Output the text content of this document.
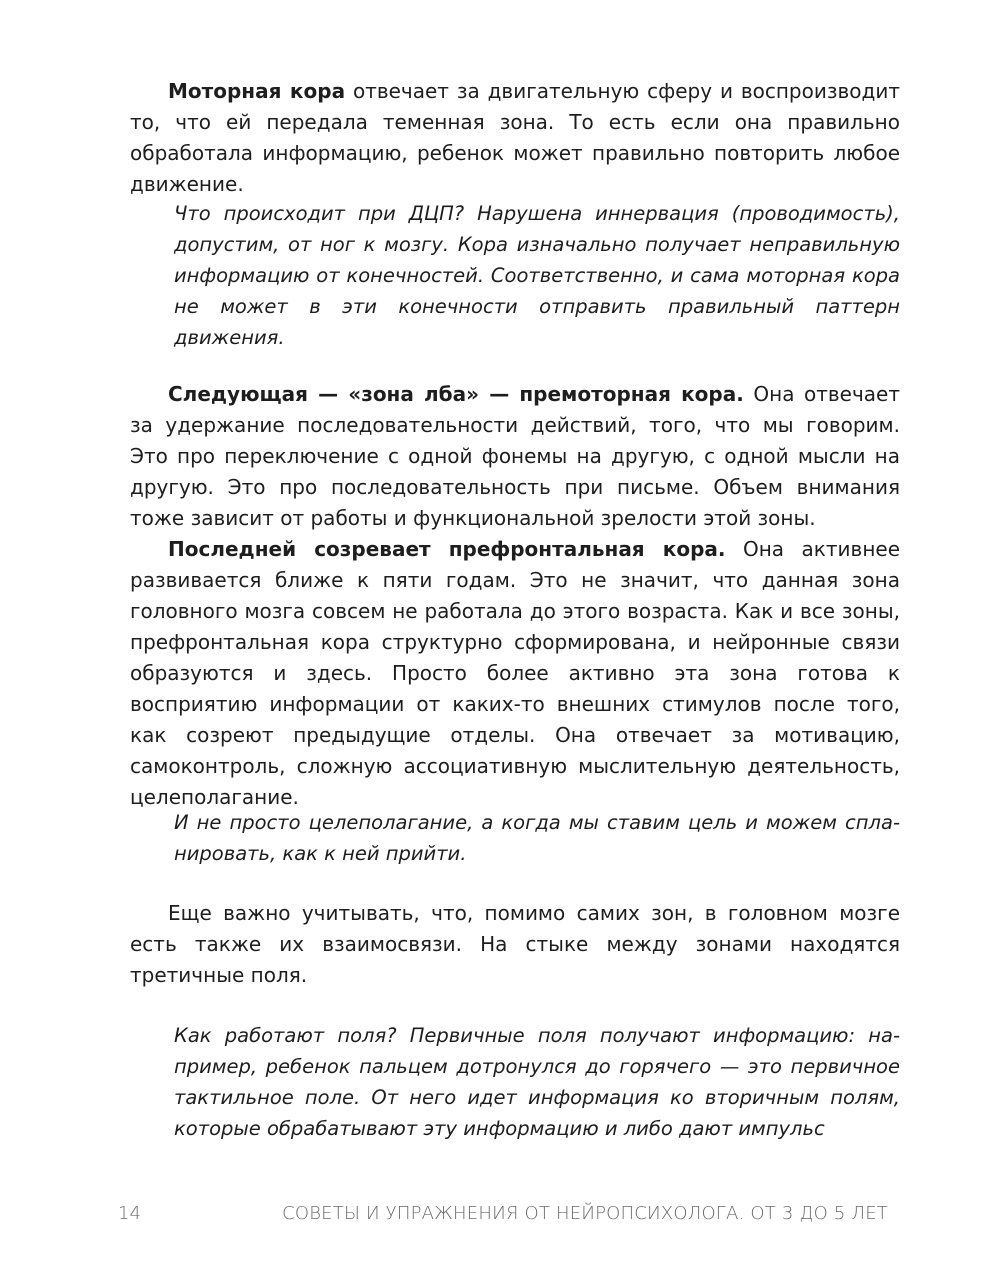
Моторная кора отвечает за двигательную сферу и воспроизводит то, что ей передала теменная зона. То есть если она правильно обработала информацию, ребенок может правильно повторить любое движение.

Что происходит при ДЦП? Нарушена иннервация (проводимость), допустим, от ног к мозгу. Кора изначально получает неправильную информацию от конечностей. Соответственно, и сама моторная кора не может в эти конечности отправить правильный паттерн движения.

Следующая — «зона лба» — премоторная кора. Она отвечает за удержание последовательности действий, того, что мы говорим. Это про переключение с одной фонемы на другую, с одной мысли на другую. Это про последовательность при письме. Объем внимания тоже зависит от работы и функциональной зрелости этой зоны.

Последней созревает префронтальная кора. Она активнее развивается ближе к пяти годам. Это не значит, что данная зона головного мозга совсем не работала до этого возраста. Как и все зоны, префронтальная кора структурно сформирована, и нейронные связи образуются и здесь. Просто более активно эта зона готова к восприятию информации от каких-то внешних стимулов после того, как созреют предыдущие отделы. Она отвечает за мотивацию, самоконтроль, сложную ассоциативную мыслительную деятельность, целеполагание.

И не просто целеполагание, а когда мы ставим цель и можем спланировать, как к ней прийти.

Еще важно учитывать, что, помимо самих зон, в головном мозге есть также их взаимосвязи. На стыке между зонами находятся третичные поля.

Как работают поля? Первичные поля получают информацию: например, ребенок пальцем дотронулся до горячего — это первичное тактильное поле. От него идет информация ко вторичным полям, которые обрабатывают эту информацию и либо дают импульс

14	СОВЕТЫ И УПРАЖНЕНИЯ ОТ НЕЙРОПСИХОЛОГА. ОТ 3 ДО 5 ЛЕТ
